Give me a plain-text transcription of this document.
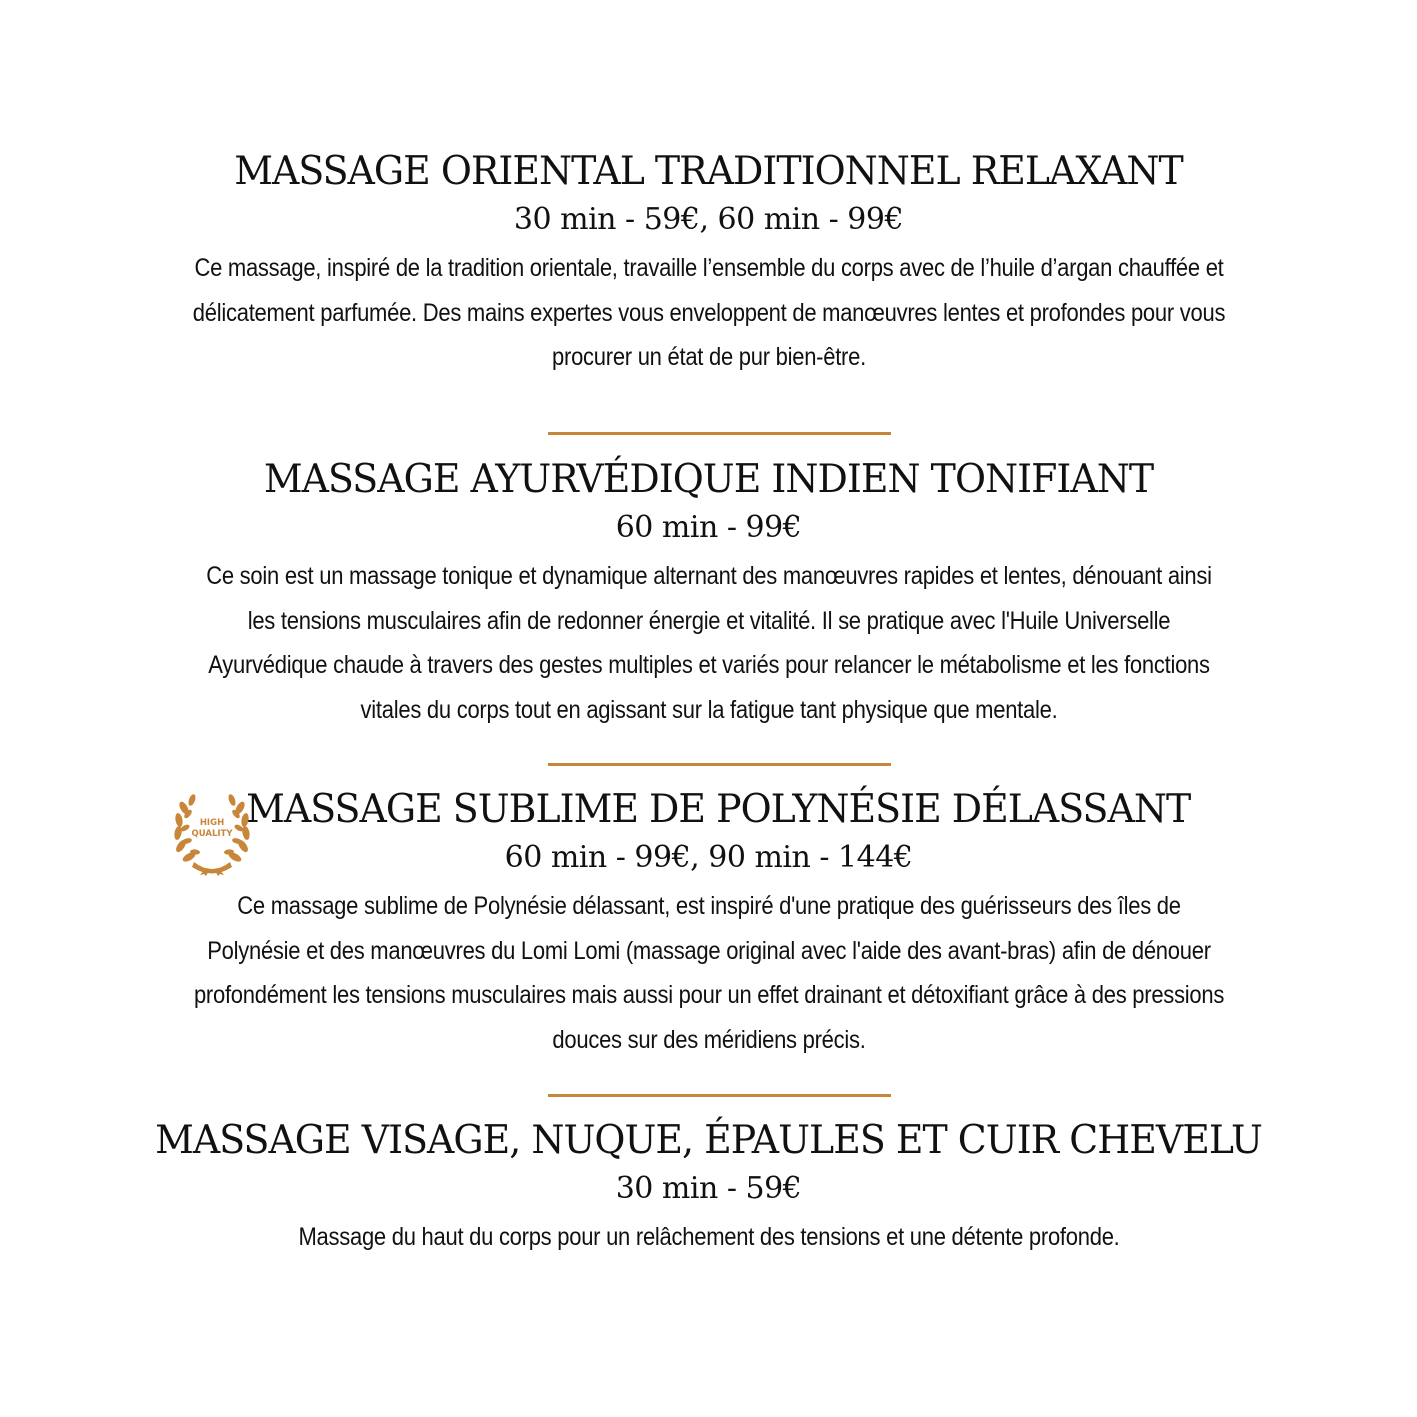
MASSAGE ORIENTAL TRADITIONNEL RELAXANT
30 min - 59€, 60 min - 99€
Ce massage, inspiré de la tradition orientale, travaille l’ensemble du corps avec de l’huile d’argan chauffée et délicatement parfumée. Des mains expertes vous enveloppent de manœuvres lentes et profondes pour vous procurer un état de pur bien-être.
MASSAGE AYURVÉDIQUE INDIEN TONIFIANT
60 min - 99€
Ce soin est un massage tonique et dynamique alternant des manœuvres rapides et lentes, dénouant ainsi les tensions musculaires afin de redonner énergie et vitalité. Il se pratique avec l'Huile Universelle Ayurvédique chaude à travers des gestes multiples et variés pour relancer le métabolisme et les fonctions vitales du corps tout en agissant sur la fatigue tant physique que mentale.
HIGH
QUALITY
MASSAGE SUBLIME DE POLYNÉSIE DÉLASSANT
60 min - 99€, 90 min - 144€
Ce massage sublime de Polynésie délassant, est inspiré d'une pratique des guérisseurs des îles de Polynésie et des manœuvres du Lomi Lomi (massage original avec l'aide des avant-bras) afin de dénouer profondément les tensions musculaires mais aussi pour un effet drainant et détoxifiant grâce à des pressions douces sur des méridiens précis.
MASSAGE VISAGE, NUQUE, ÉPAULES ET CUIR CHEVELU
30 min - 59€
Massage du haut du corps pour un relâchement des tensions et une détente profonde.
